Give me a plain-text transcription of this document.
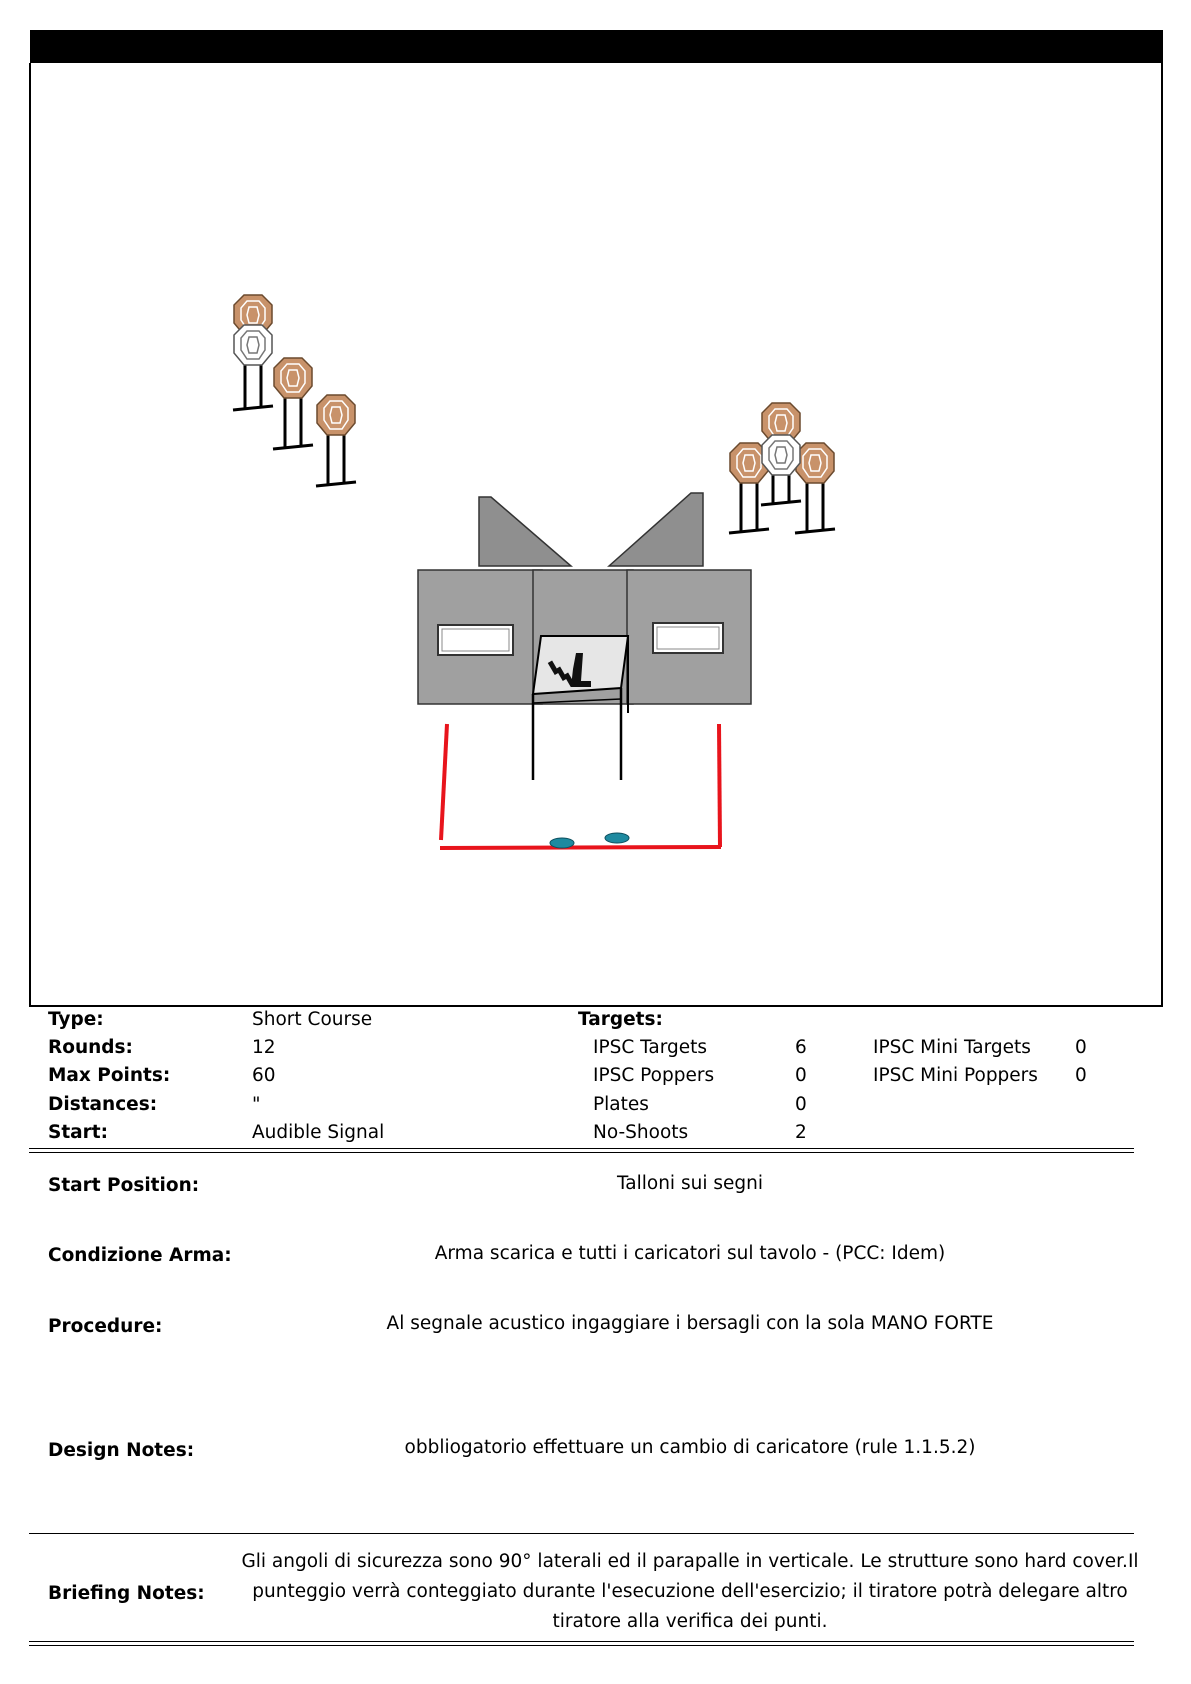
Type:	Short Course
Rounds:	12
Max Points:	60
Distances:	"
Start:	Audible Signal
Targets:
IPSC Targets	6
IPSC Poppers	0
Plates	0
No-Shoots	2
IPSC Mini Targets 0
IPSC Mini Poppers 0
Start Position:	Talloni sui segni
Condizione Arma:	Arma scarica e tutti i caricatori sul tavolo - (PCC: Idem)
Procedure:	Al segnale acustico ingaggiare i bersagli con la sola MANO FORTE
Design Notes:	obbliogatorio effettuare un cambio di caricatore (rule 1.1.5.2)
Briefing Notes:
Gli angoli di sicurezza sono 90° laterali ed il parapalle in verticale. Le strutture sono hard cover.Il
punteggio verrà conteggiato durante l'esecuzione dell'esercizio; il tiratore potrà delegare altro
tiratore alla verifica dei punti.
